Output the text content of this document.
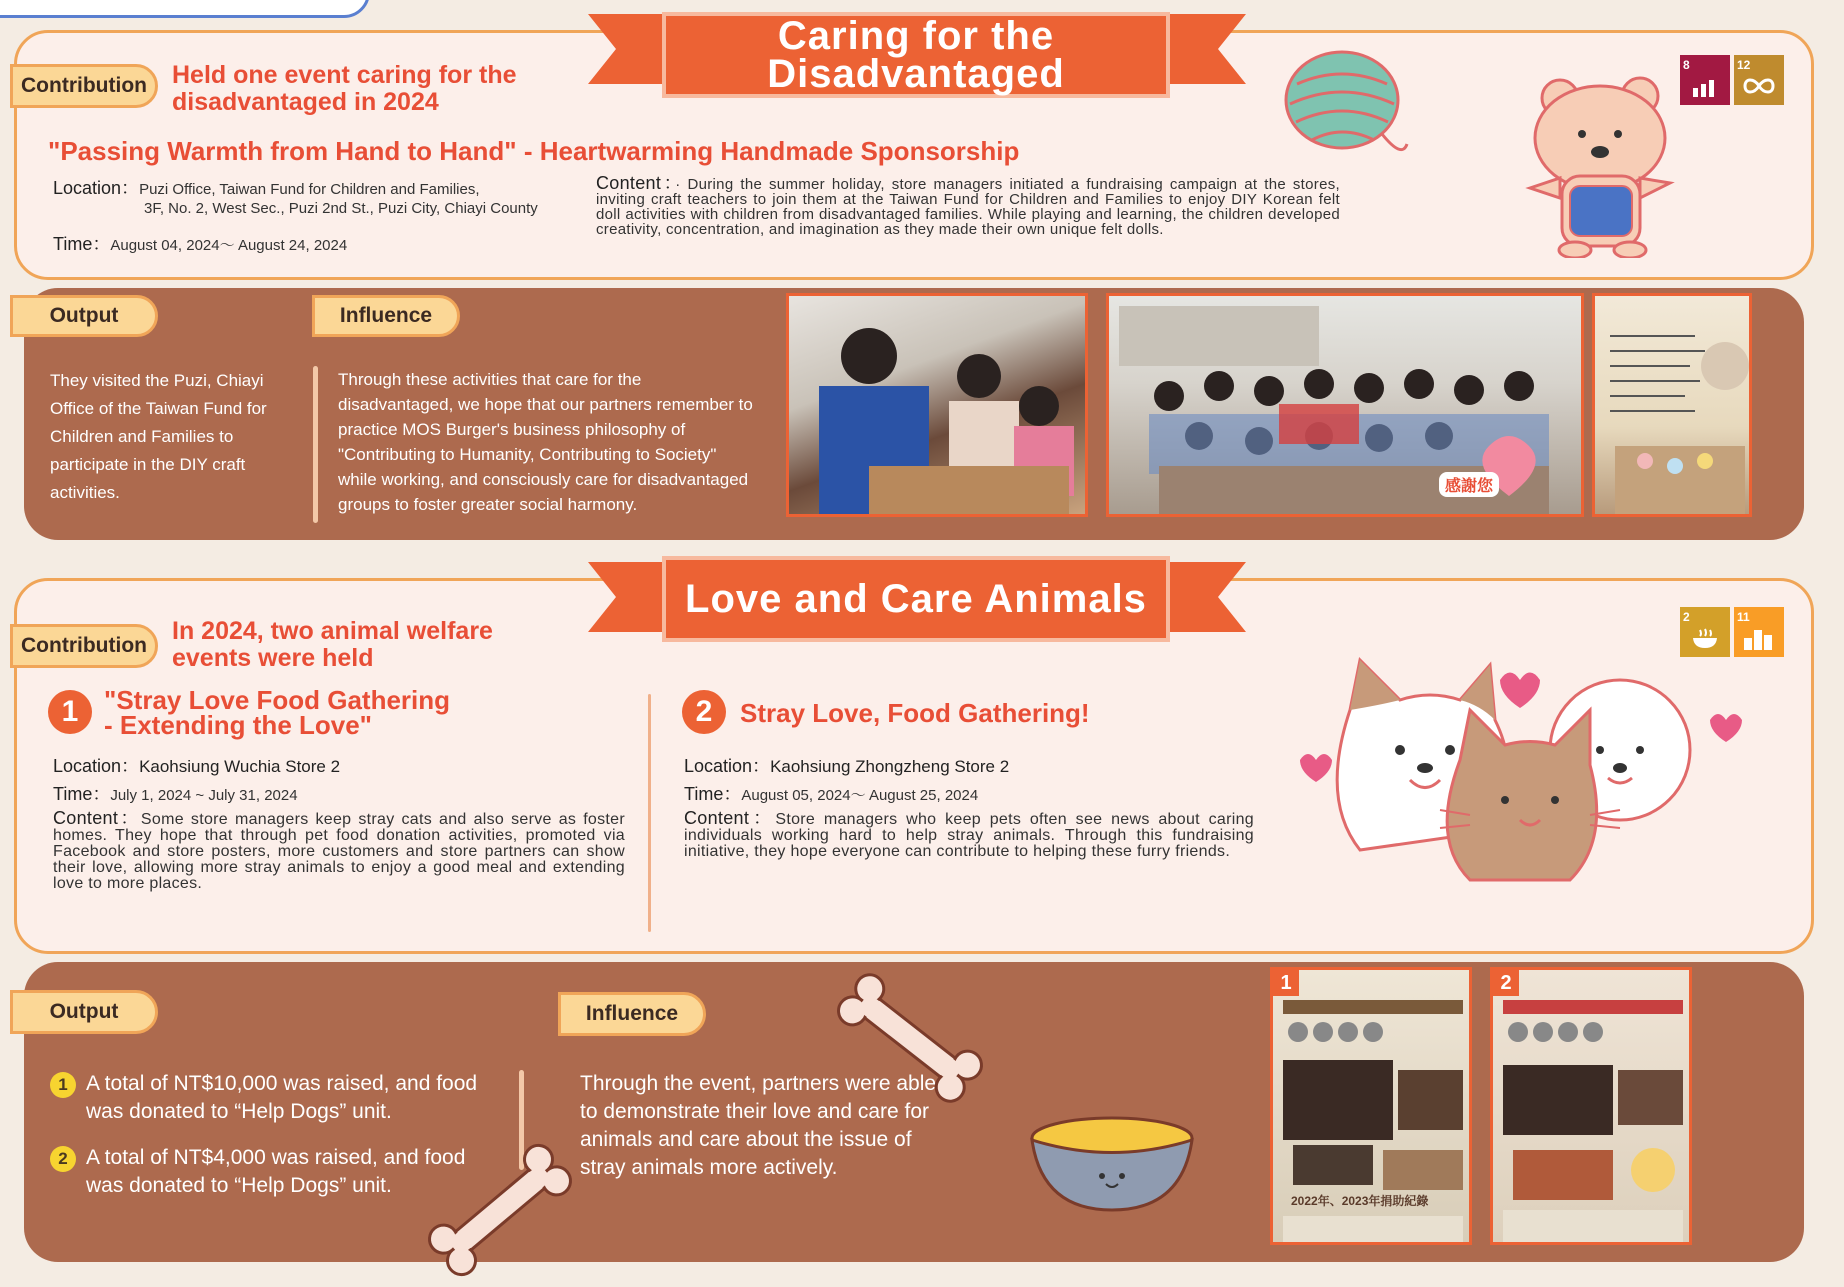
Caring for the
Disadvantaged
Contribution Held one event caring for the
disadvantaged in 2024
"Passing Warmth from Hand to Hand" - Heartwarming Handmade Sponsorship
Location：Puzi Office, Taiwan Fund for Children and Families,
3F, No. 2, West Sec., Puzi 2nd St., Puzi City, Chiayi County
Time：August 04, 2024～ August 24, 2024
Content：· During the summer holiday, store managers initiated a fundraising campaign at the stores, inviting craft teachers to join them at the Taiwan Fund for Children and Families to enjoy DIY Korean felt doll activities with children from disadvantaged families. While playing and learning, the children developed creativity, concentration, and imagination as they made their own unique felt dolls.
8	12
Output	Influence
They visited the Puzi, Chiayi Office of the Taiwan Fund for Children and Families to participate in the DIY craft activities.
Through these activities that care for the disadvantaged, we hope that our partners remember to practice MOS Burger's business philosophy of "Contributing to Humanity, Contributing to Society" while working, and consciously care for disadvantaged groups to foster greater social harmony.
感謝您
Love and Care Animals
Contribution
In 2024, two animal welfare
events were held
1 "Stray Love Food Gathering
- Extending the Love"
Location：Kaohsiung Wuchia Store 2
Time：July 1, 2024 ~ July 31, 2024
Content：Some store managers keep stray cats and also serve as foster homes. They hope that through pet food donation activities, promoted via Facebook and store posters, more customers and store partners can show their love, allowing more stray animals to enjoy a good meal and extending love to more places.
2	Stray Love, Food Gathering!
Location：Kaohsiung Zhongzheng Store 2
Time：August 05, 2024～ August 25, 2024
Content：Store managers who keep pets often see news about caring individuals working hard to help stray animals. Through this fundraising initiative, they hope everyone can contribute to helping these furry friends.
2	11
Output	Influence
1 A total of NT$10,000 was raised, and food
was donated to “Help Dogs” unit.
2 A total of NT$4,000 was raised, and food
was donated to “Help Dogs” unit.
Through the event, partners were able to demonstrate their love and care for animals and care about the issue of stray animals more actively.
1
2022年、2023年捐助紀錄
2
